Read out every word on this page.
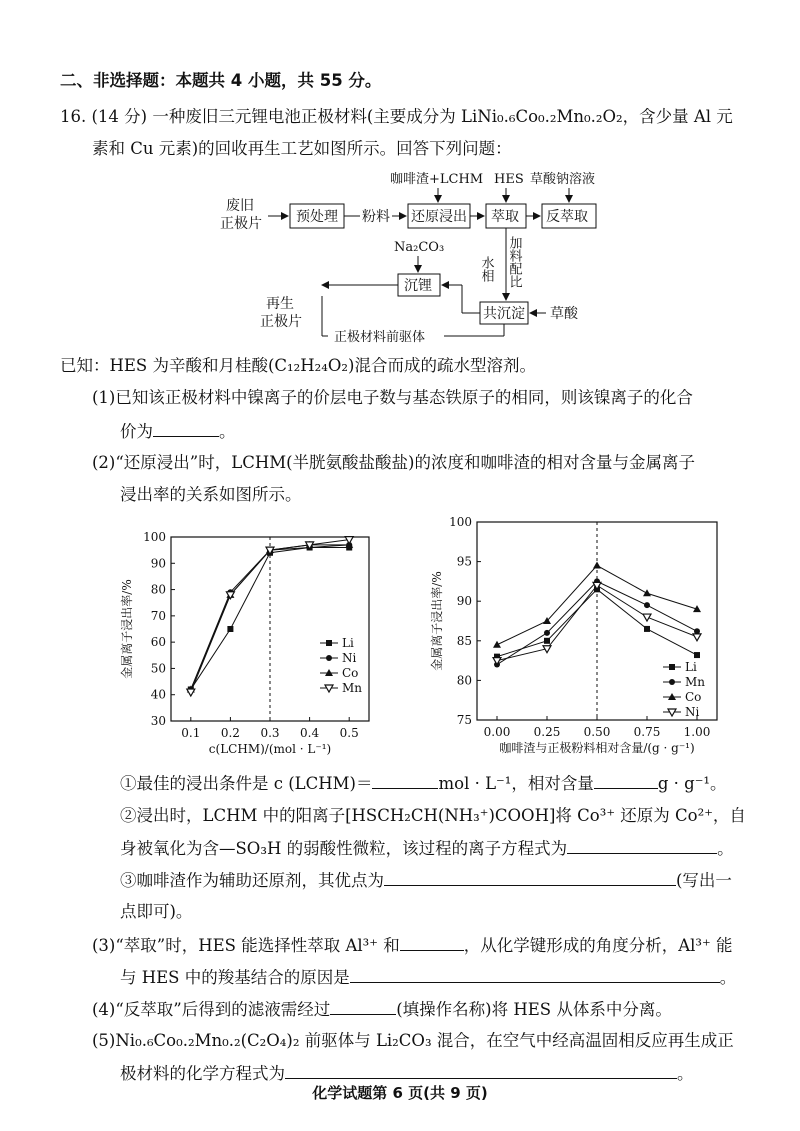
二、非选择题：本题共 4 小题，共 55 分。
16. (14 分) 一种废旧三元锂电池正极材料(主要成分为 LiNi₀.₆Co₀.₂Mn₀.₂O₂，含少量 Al 元
素和 Cu 元素)的回收再生工艺如图所示。回答下列问题：
废旧
正极片 预处理 粉料 还原浸出 萃取 反萃取
咖啡渣+LCHM HES 草酸钠溶液
水相 加料配比
共沉淀 草酸
正极材料前驱体
Na₂CO₃
沉锂
再生
正极片
已知：HES 为辛酸和月桂酸(C₁₂H₂₄O₂)混合而成的疏水型溶剂。
(1)已知该正极材料中镍离子的价层电子数与基态铁原子的相同，则该镍离子的化合
价为	。
(2)“还原浸出”时，LCHM(半胱氨酸盐酸盐)的浓度和咖啡渣的相对含量与金属离子
浸出率的关系如图所示。
30
40
50
60
70
80
90
100
0.1 0.2 0.3 0.4 0.5
c(LCHM)/(mol · L⁻¹)
金属离子浸出率/%	Li
Ni
Co
Mn
75
80
85
90
95
100
0.00 0.25 0.50 0.75 1.00
咖啡渣与正极粉料相对含量/(g · g⁻¹)
金属离子浸出率/%	Li
Mn
Co
Ni
①最佳的浸出条件是 c (LCHM)＝	mol · L⁻¹，相对含量	g · g⁻¹。
②浸出时，LCHM 中的阳离子[HSCH₂CH(NH₃⁺)COOH]将 Co³⁺ 还原为 Co²⁺，自
身被氧化为含—SO₃H 的弱酸性微粒，该过程的离子方程式为	。
③咖啡渣作为辅助还原剂，其优点为	(写出一
点即可)。
(3)“萃取”时，HES 能选择性萃取 Al³⁺ 和	，从化学键形成的角度分析，Al³⁺ 能
与 HES 中的羧基结合的原因是	。
(4)“反萃取”后得到的滤液需经过	(填操作名称)将 HES 从体系中分离。
(5)Ni₀.₆Co₀.₂Mn₀.₂(C₂O₄)₂ 前驱体与 Li₂CO₃ 混合，在空气中经高温固相反应再生成正
极材料的化学方程式为	。
化学试题第 6 页(共 9 页)
